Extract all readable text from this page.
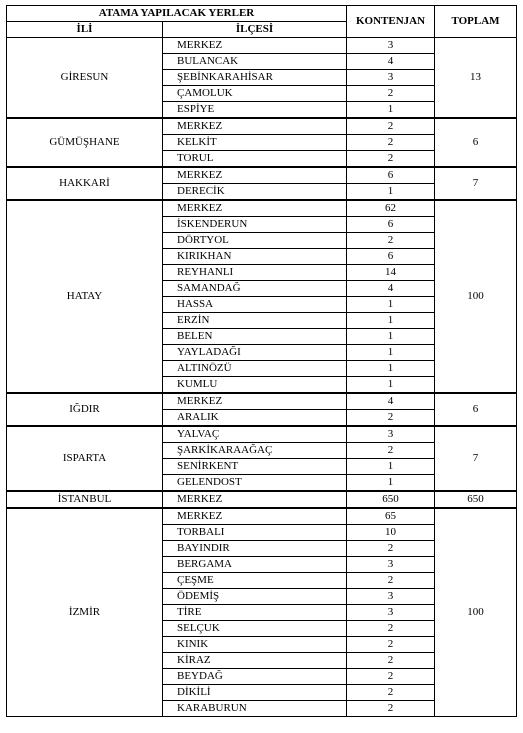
ATAMA YAPILACAK YERLER		KONTENJAN	TOPLAM
İLİ	İLÇESİ		
GİRESUN	MERKEZ	3	13
	BULANCAK	4	
	ŞEBİNKARAHİSAR	3	
	ÇAMOLUK	2	
	ESPİYE	1	
GÜMÜŞHANE	MERKEZ	2	6
	KELKİT	2	
	TORUL	2	
HAKKARİ	MERKEZ	6	7
	DERECİK	1	
HATAY	MERKEZ	62	100
	İSKENDERUN	6	
	DÖRTYOL	2	
	KIRIKHAN	6	
	REYHANLI	14	
	SAMANDAĞ	4	
	HASSA	1	
	ERZİN	1	
	BELEN	1	
	YAYLADAĞI	1	
	ALTINÖZÜ	1	
	KUMLU	1	
IĞDIR	MERKEZ	4	6
	ARALIK	2	
ISPARTA	YALVAÇ	3	7
	ŞARKİKARAAĞAÇ	2	
	SENİRKENT	1	
	GELENDOST	1	
İSTANBUL	MERKEZ	650	650
İZMİR	MERKEZ	65	100
	TORBALI	10	
	BAYINDIR	2	
	BERGAMA	3	
	ÇEŞME	2	
	ÖDEMİŞ	3	
	TİRE	3	
	SELÇUK	2	
	KINIK	2	
	KİRAZ	2	
	BEYDAĞ	2	
	DİKİLİ	2	
	KARABURUN	2	
